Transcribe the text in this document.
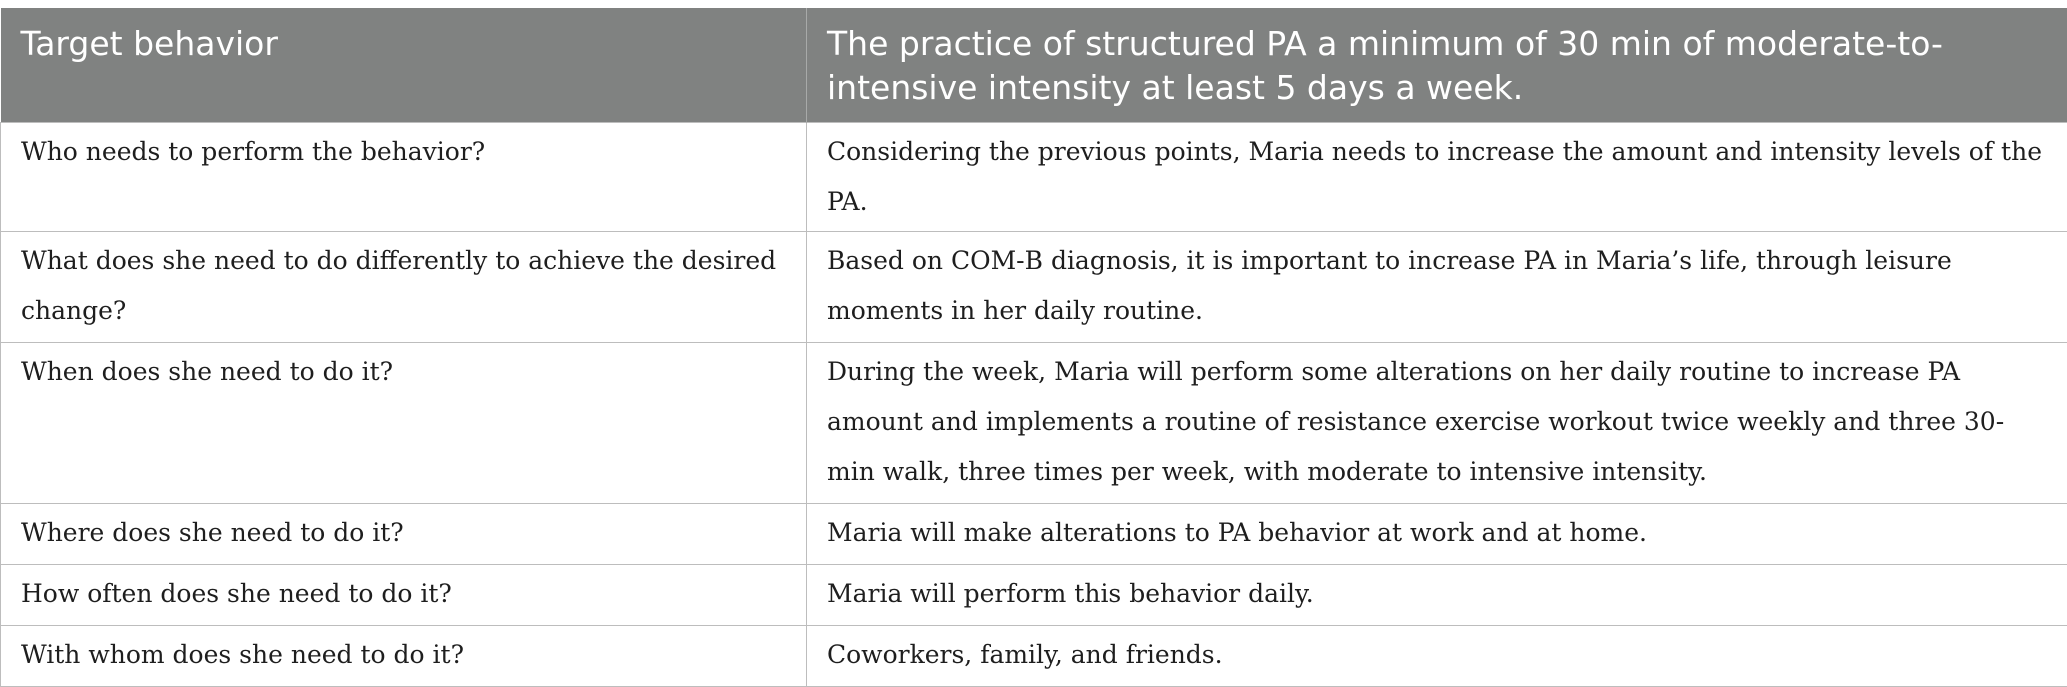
Target behavior	The practice of structured PA a minimum of 30 min of moderate-to-intensive intensity at least 5 days a week.
Who needs to perform the behavior?	Considering the previous points, Maria needs to increase the amount and intensity levels of the PA.
What does she need to do differently to achieve the desired change?	Based on COM-B diagnosis, it is important to increase PA in Maria’s life, through leisure moments in her daily routine.
When does she need to do it?	During the week, Maria will perform some alterations on her daily routine to increase PA amount and implements a routine of resistance exercise workout twice weekly and three 30-min walk, three times per week, with moderate to intensive intensity.
Where does she need to do it?	Maria will make alterations to PA behavior at work and at home.
How often does she need to do it?	Maria will perform this behavior daily.
With whom does she need to do it?	Coworkers, family, and friends.
